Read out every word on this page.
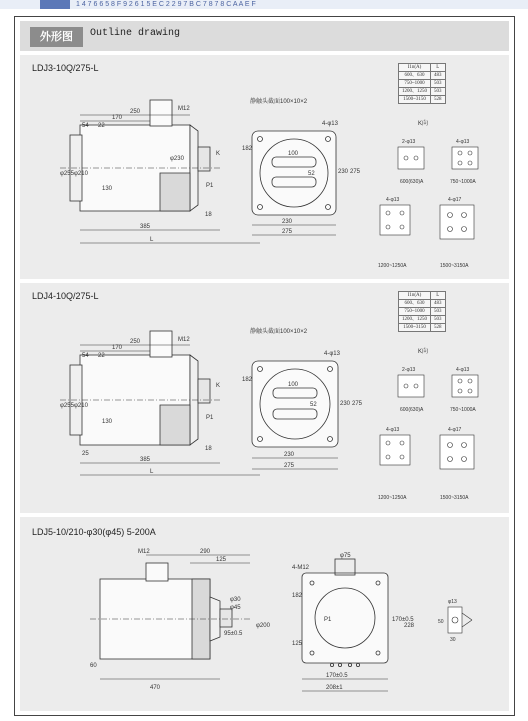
1 4 7 6 6 5 8 F 9 2 6 1 5 E C 2 2 9 7 B C 7 8 7 8 C A A E F
外形图	Outline drawing
LDJ3-10Q/275-L	I1n(A)	L
600、630	483
750~1000	503
1200、1250	503
1500~3150	528
250
170
54 22
M12
130
385
18
L
K
P1
φ255 φ210
φ230
静触头截面100×10×2
4-φ13
100
52
230
275
230 275
182
K向
2-φ13
600(630)A
4-φ13
750~1000A
4-φ13
1200~1250A
4-φ17
1500~3150A
LDJ4-10Q/275-L	I1n(A)	L
600、630	483
750~1000	503
1200、1250	503
1500~3150	528
250
170
54 22
M12
130
385
18
L
K
P1
φ255 φ210
25
静触头截面100×10×2
4-φ13
100
52
230
275
230 275
182
K向
2-φ13
600(630)A
4-φ13
750~1000A
4-φ13
1200~1250A
4-φ17
1500~3150A
LDJ5-10/210-φ30(φ45) 5-200A
M12	290
125
φ30
φ45
95±0.5
φ200
60
470
4-M12
φ75
182
170±0.5
228
125
P1
170±0.5
208±1
φ13
50
30
